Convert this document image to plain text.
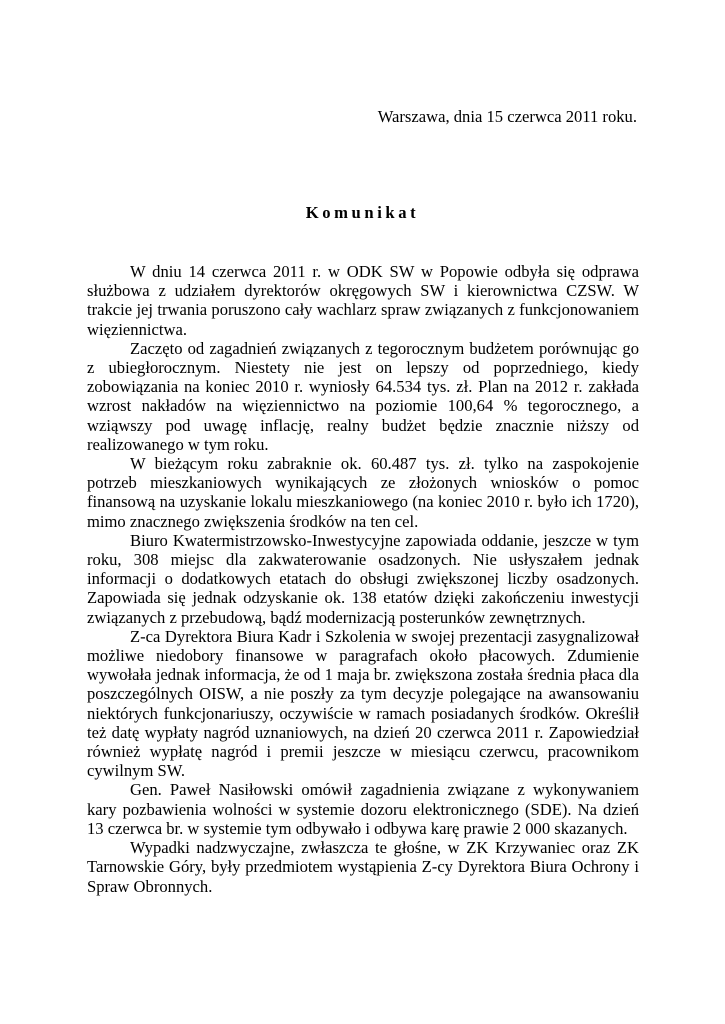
Warszawa, dnia 15 czerwca 2011 roku.

Komunikat

W dniu 14 czerwca 2011 r. w ODK SW w Popowie odbyła się odprawa służbowa z udziałem dyrektorów okręgowych SW i kierownictwa CZSW. W trakcie jej trwania poruszono cały wachlarz spraw związanych z funkcjonowaniem więziennictwa.

Zaczęto od zagadnień związanych z tegorocznym budżetem porównując go z ubiegłorocznym. Niestety nie jest on lepszy od poprzedniego, kiedy zobowiązania na koniec 2010 r. wyniosły 64.534 tys. zł. Plan na 2012 r. zakłada wzrost nakładów na więziennictwo na poziomie 100,64 % tegorocznego, a wziąwszy pod uwagę inflację, realny budżet będzie znacznie niższy od realizowanego w tym roku.

W bieżącym roku zabraknie ok. 60.487 tys. zł. tylko na zaspokojenie potrzeb mieszkaniowych wynikających ze złożonych wniosków o pomoc finansową na uzyskanie lokalu mieszkaniowego (na koniec 2010 r. było ich 1720), mimo znacznego zwiększenia środków na ten cel.

Biuro Kwatermistrzowsko-Inwestycyjne zapowiada oddanie, jeszcze w tym roku, 308 miejsc dla zakwaterowanie osadzonych. Nie usłyszałem jednak informacji o dodatkowych etatach do obsługi zwiększonej liczby osadzonych. Zapowiada się jednak odzyskanie ok. 138 etatów dzięki zakończeniu inwestycji związanych z przebudową, bądź modernizacją posterunków zewnętrznych.

Z-ca Dyrektora Biura Kadr i Szkolenia w swojej prezentacji zasygnalizował możliwe niedobory finansowe w paragrafach około płacowych. Zdumienie wywołała jednak informacja, że od 1 maja br. zwiększona została średnia płaca dla poszczególnych OISW, a nie poszły za tym decyzje polegające na awansowaniu niektórych funkcjonariuszy, oczywiście w ramach posiadanych środków. Określił też datę wypłaty nagród uznaniowych, na dzień 20 czerwca 2011 r. Zapowiedział również wypłatę nagród i premii jeszcze w miesiącu czerwcu, pracownikom cywilnym SW.

Gen. Paweł Nasiłowski omówił zagadnienia związane z wykonywaniem kary pozbawienia wolności w systemie dozoru elektronicznego (SDE). Na dzień 13 czerwca br. w systemie tym odbywało i odbywa karę prawie 2 000 skazanych.

Wypadki nadzwyczajne, zwłaszcza te głośne, w ZK Krzywaniec oraz ZK Tarnowskie Góry, były przedmiotem wystąpienia Z-cy Dyrektora Biura Ochrony i Spraw Obronnych.
